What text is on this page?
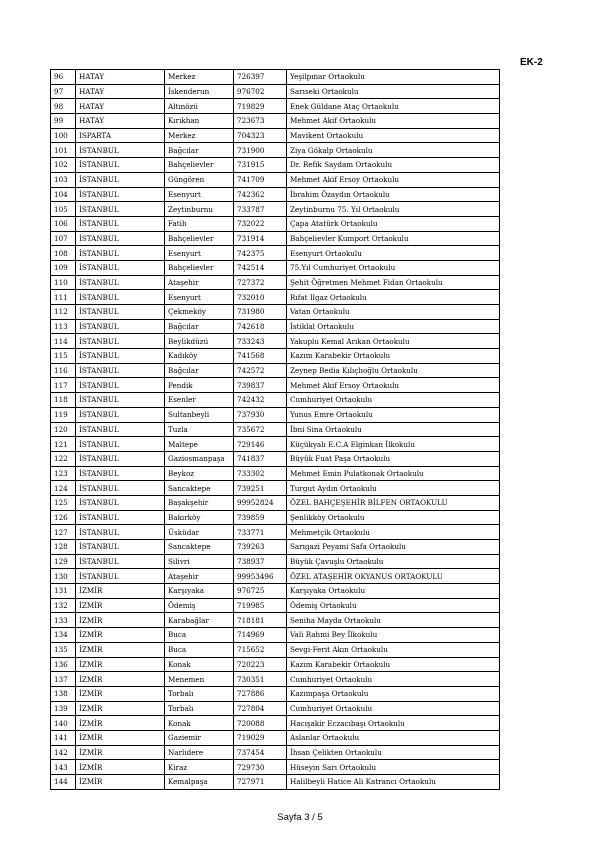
EK-2
96	HATAY	Merkez	726397	Yeşilpınar Ortaokulu
97	HATAY	İskenderun	976702	Sarıseki Ortaokulu
98	HATAY	Altınözü	719829	Enek Güldane Ataç Ortaokulu
99	HATAY	Kırıkhan	723673	Mehmet Akif Ortaokulu
100	ISPARTA	Merkez	704323	Mavikent Ortaokulu
101	İSTANBUL	Bağcılar	731900	Ziya Gökalp Ortaokulu
102	İSTANBUL	Bahçelievler	731915	Dr. Refik Saydam Ortaokulu
103	İSTANBUL	Güngören	741709	Mehmet Akif Ersoy Ortaokulu
104	İSTANBUL	Esenyurt	742362	İbrahim Özaydın Ortaokulu
105	İSTANBUL	Zeytinburnu	733787	Zeytinburnu 75. Yıl Ortaokulu
106	İSTANBUL	Fatih	732022	Çapa Atatürk Ortaokulu
107	İSTANBUL	Bahçelievler	731914	Bahçelievler Kumport Ortaokulu
108	İSTANBUL	Esenyurt	742375	Esenyurt Ortaokulu
109	İSTANBUL	Bahçelievler	742514	75.Yıl Cumhuriyet Ortaokulu
110	İSTANBUL	Ataşehir	727372	Şehit Öğretmen Mehmet Fidan Ortaokulu
111	İSTANBUL	Esenyurt	732010	Rıfat Ilgaz Ortaokulu
112	İSTANBUL	Çekmeköy	731980	Vatan Ortaokulu
113	İSTANBUL	Bağcılar	742618	İstiklal Ortaokulu
114	İSTANBUL	Beylikdüzü	733243	Yakuplu Kemal Arıkan Ortaokulu
115	İSTANBUL	Kadıköy	741568	Kazım Karabekir Ortaokulu
116	İSTANBUL	Bağcılar	742572	Zeynep Bedia Kılıçlıoğlu Ortaokulu
117	İSTANBUL	Pendik	739837	Mehmet Akif Ersoy Ortaokulu
118	İSTANBUL	Esenler	742432	Cumhuriyet Ortaokulu
119	İSTANBUL	Sultanbeyli	737930	Yunus Emre Ortaokulu
120	İSTANBUL	Tuzla	735672	İbni Sina Ortaokulu
121	İSTANBUL	Maltepe	729146	Küçükyalı E.C.A Elginkan İlkokulu
122	İSTANBUL	Gaziosmanpaşa	741837	Büyük Fuat Paşa Ortaokulu
123	İSTANBUL	Beykoz	733302	Mehmet Emin Pulatkonak Ortaokulu
124	İSTANBUL	Sancaktepe	739251	Turgut Aydın Ortaokulu
125	İSTANBUL	Başakşehir	99952824	ÖZEL BAHÇEŞEHİR BİLFEN ORTAOKULU
126	İSTANBUL	Bakırköy	739859	Şenlikköy Ortaokulu
127	İSTANBUL	Üsküdar	733771	Mehmetçik Ortaokulu
128	İSTANBUL	Sancaktepe	739263	Sarıgazi Peyami Safa Ortaokulu
129	İSTANBUL	Silivri	738937	Büyük Çavuşlu Ortaokulu
130	İSTANBUL	Ataşehir	99953496	ÖZEL ATAŞEHİR OKYANUS ORTAOKULU
131	İZMİR	Karşıyaka	976725	Karşıyaka Ortaokulu
132	İZMİR	Ödemiş	719985	Ödemiş Ortaokulu
133	İZMİR	Karabağlar	718181	Seniha Mayda Ortaokulu
134	İZMİR	Buca	714969	Vali Rahmi Bey İlkokulu
135	İZMİR	Buca	715652	Sevgi-Ferit Akın Ortaokulu
136	İZMİR	Konak	720223	Kazım Karabekir Ortaokulu
137	İZMİR	Menemen	730351	Cumhuriyet Ortaokulu
138	İZMİR	Torbalı	727886	Kazımpaşa Ortaokulu
139	İZMİR	Torbalı	727804	Cumhuriyet Ortaokulu
140	İZMİR	Konak	720088	Hacışakir Eczacıbaşı Ortaokulu
141	İZMİR	Gaziemir	719029	Aslanlar Ortaokulu
142	İZMİR	Narlıdere	737454	İhsan Çelikten Ortaokulu
143	İZMİR	Kiraz	729730	Hüseyin Sarı Ortaokulu
144	İZMİR	Kemalpaşa	727971	Halilbeyli Hatice Ali Katrancı Ortaokulu
Sayfa 3 / 5
